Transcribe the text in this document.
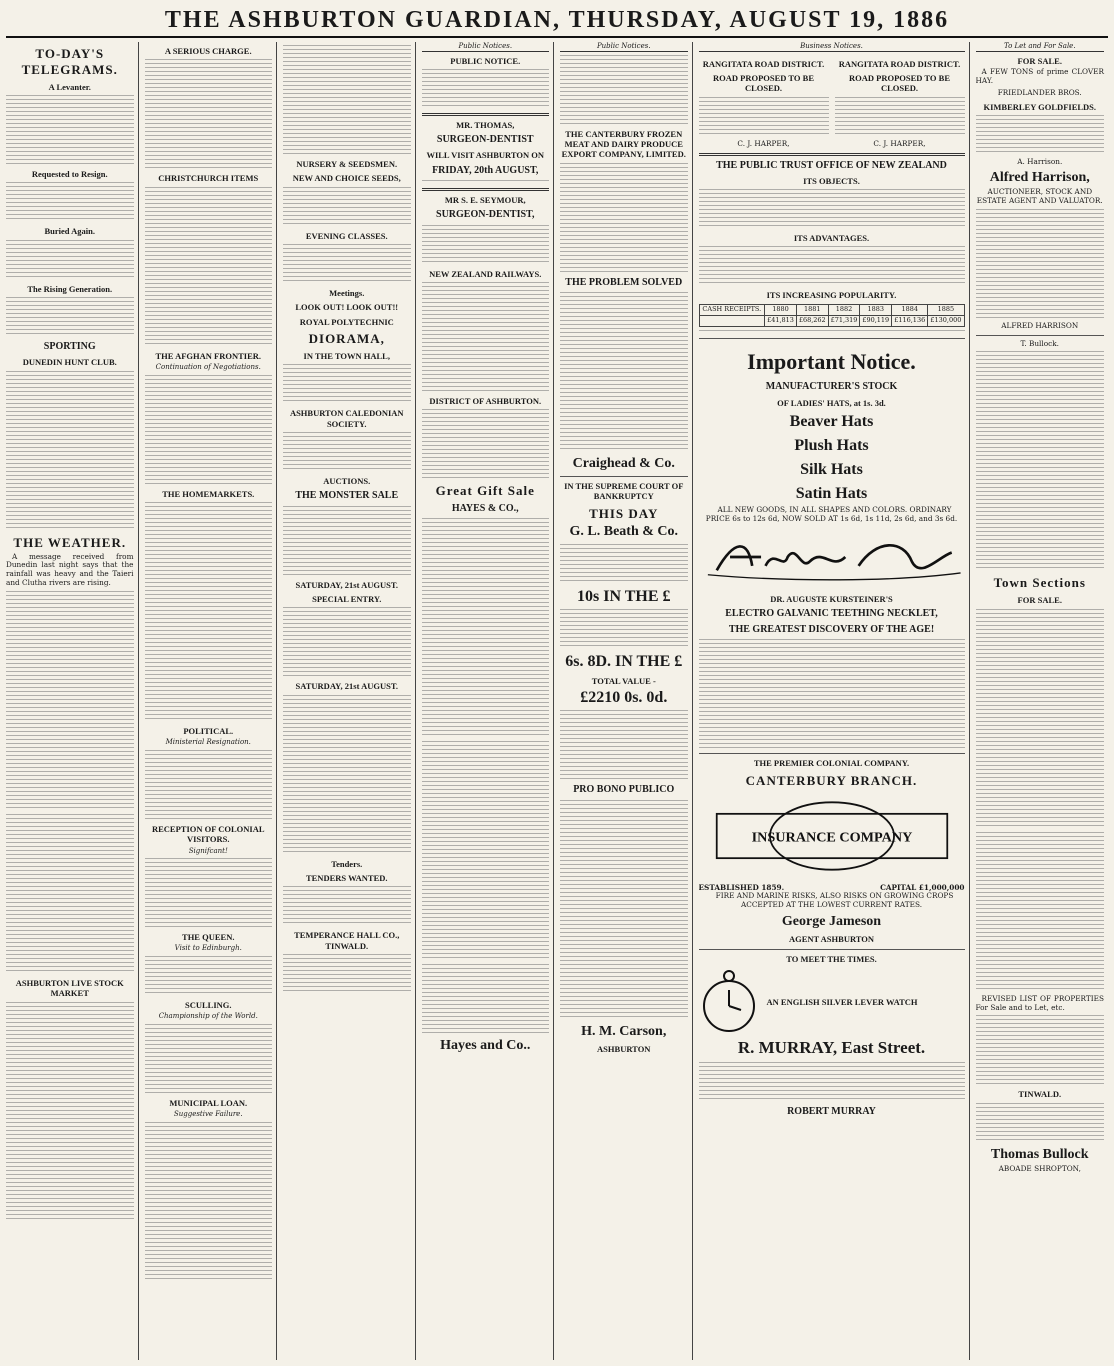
THE ASHBURTON GUARDIAN, THURSDAY, AUGUST 19, 1886
TO-DAY'S TELEGRAMS.
A Levanter.
Requested to Resign.
Buried Again.
The Rising Generation.
SPORTING
DUNEDIN HUNT CLUB.
THE WEATHER.

A message received from Dunedin last night says that the rainfall was heavy and the Taieri and Clutha rivers are rising.

ASHBURTON LIVE STOCK MARKET
A SERIOUS CHARGE.
CHRISTCHURCH ITEMS
THE AFGHAN FRONTIER.
Continuation of Negotiations.
THE HOMEMARKETS.
POLITICAL.
Ministerial Resignation.
RECEPTION OF COLONIAL VISITORS.
Signifcant!
THE QUEEN.
Visit to Edinburgh.
SCULLING.
Championship of the World.
MUNICIPAL LOAN.
Suggestive Failure.
NURSERY & SEEDSMEN.
NEW AND CHOICE SEEDS,
EVENING CLASSES.
Meetings.
LOOK OUT! LOOK OUT!!
ROYAL POLYTECHNIC
DIORAMA,
IN THE TOWN HALL,
ASHBURTON CALEDONIAN SOCIETY.
AUCTIONS.
THE MONSTER SALE
SATURDAY, 21st AUGUST.
SPECIAL ENTRY.
SATURDAY, 21st AUGUST.
Tenders.
TENDERS WANTED.
TEMPERANCE HALL CO., TINWALD.
Public Notices.
PUBLIC NOTICE.
MR. THOMAS,
SURGEON-DENTIST
WILL VISIT ASHBURTON ON
FRIDAY, 20th AUGUST,
MR S. E. SEYMOUR,
SURGEON-DENTIST,
NEW ZEALAND RAILWAYS.
DISTRICT OF ASHBURTON.
Great Gift Sale
HAYES & CO.,
Hayes and Co..
Public Notices.
THE CANTERBURY FROZEN MEAT AND DAIRY PRODUCE EXPORT COMPANY, LIMITED.
THE PROBLEM SOLVED
Craighead & Co.
IN THE SUPREME COURT OF BANKRUPTCY
THIS DAY
G. L. Beath & Co.
10s IN THE £
6s. 8D. IN THE £
TOTAL VALUE -
£2210 0s. 0d.
PRO BONO PUBLICO
H. M. Carson,
ASHBURTON
Business Notices.
RANGITATA ROAD DISTRICT.
ROAD PROPOSED TO BE CLOSED.
C. J. HARPER,
RANGITATA ROAD DISTRICT.
ROAD PROPOSED TO BE CLOSED.
C. J. HARPER,
THE PUBLIC TRUST OFFICE OF NEW ZEALAND
ITS OBJECTS.
ITS ADVANTAGES.
ITS INCREASING POPULARITY.
CASH RECEIPTS.	1880	1881	1882	1883	1884	1885
	£41,813	£68,262	£71,319	£90,119	£116,136	£130,000
Important Notice.
MANUFACTURER'S STOCK
OF LADIES' HATS, at 1s. 3d.
Beaver Hats
Plush Hats
Silk Hats
Satin Hats

ALL NEW GOODS, IN ALL SHAPES AND COLORS. ORDINARY PRICE 6s to 12s 6d, NOW SOLD AT 1s 6d, 1s 11d, 2s 6d, and 3s 6d.

DR. AUGUSTE KURSTEINER'S
ELECTRO GALVANIC TEETHING NECKLET,
THE GREATEST DISCOVERY OF THE AGE!
THE PREMIER COLONIAL COMPANY.
CANTERBURY BRANCH.
INSURANCE COMPANY
ESTABLISHED 1859.	CAPITAL £1,000,000

FIRE AND MARINE RISKS, ALSO RISKS ON GROWING CROPS ACCEPTED AT THE LOWEST CURRENT RATES.

George Jameson
AGENT ASHBURTON
TO MEET THE TIMES.
AN ENGLISH SILVER LEVER WATCH
R. MURRAY, East Street.
ROBERT MURRAY
To Let and For Sale.
FOR SALE.

A FEW TONS of prime CLOVER HAY.

FRIEDLANDER BROS.
KIMBERLEY GOLDFIELDS.
A. Harrison.
Alfred Harrison,
AUCTIONEER, STOCK AND ESTATE AGENT AND VALUATOR.
ALFRED HARRISON
T. Bullock.
Town Sections
FOR SALE.

REVISED LIST OF PROPERTIES For Sale and to Let, etc.

TINWALD.
Thomas Bullock
ABOADE SHROPTON,
